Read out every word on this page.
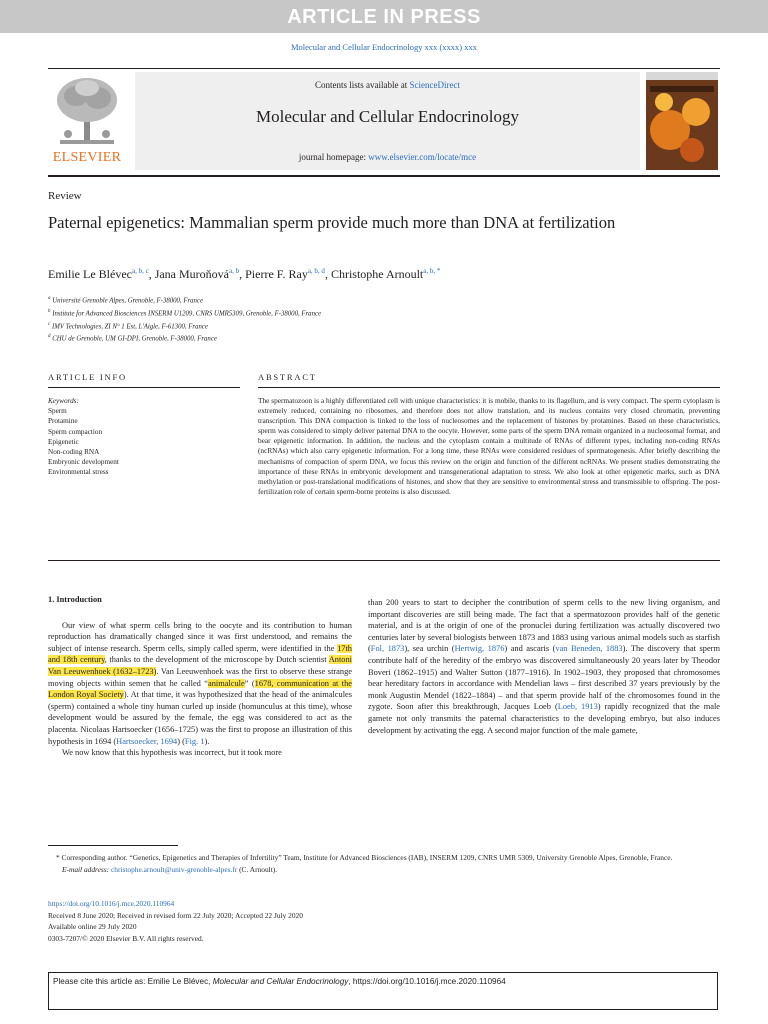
ARTICLE IN PRESS
Molecular and Cellular Endocrinology xxx (xxxx) xxx
ELSEVIER
Contents lists available at ScienceDirect
Molecular and Cellular Endocrinology
journal homepage: www.elsevier.com/locate/mce
Review
Paternal epigenetics: Mammalian sperm provide much more than DNA at fertilization
Emilie Le Blévec$^{a, b, c}$, Jana Muroňová$^{a, b}$, Pierre F. Ray$^{a, b, d}$, Christophe Arnoult$^{a, b, *}$
$^a$ Université Grenoble Alpes, Grenoble, F-38000, France
$^b$ Institute for Advanced Biosciences INSERM U1209, CNRS UMR5309, Grenoble, F-38000, France
$^c$ IMV Technologies, ZI N° 1 Est, L'Aigle, F-61300, France
$^d$ CHU de Grenoble, UM GI-DPI, Grenoble, F-38000, France
ARTICLE INFO	ABSTRACT
Keywords:
Sperm
Protamine
Sperm compaction
Epigenetic
Non-coding RNA
Embryonic development
Environmental stress
The spermatozoon is a highly differentiated cell with unique characteristics: it is mobile, thanks to its flagellum, and is very compact. The sperm cytoplasm is extremely reduced, containing no ribosomes, and therefore does not allow translation, and its nucleus contains very closed chromatin, preventing transcription. This DNA compaction is linked to the loss of nucleosomes and the replacement of histones by protamines. Based on these characteristics, sperm was considered to simply deliver paternal DNA to the oocyte. However, some parts of the sperm DNA remain organized in a nucleosomal format, and bear epigenetic information. In addition, the nucleus and the cytoplasm contain a multitude of RNAs of different types, including non-coding RNAs (ncRNAs) which also carry epigenetic information. For a long time, these RNAs were considered residues of spermatogenesis. After briefly describing the mechanisms of compaction of sperm DNA, we focus this review on the origin and function of the different ncRNAs. We present studies demonstrating the importance of these RNAs in embryonic development and transgenerational adaptation to stress. We also look at other epigenetic marks, such as DNA methylation or post-translational modifications of histones, and show that they are sensitive to environmental stress and transmissible to offspring. The post-fertilization role of certain sperm-borne proteins is also discussed.

1. Introduction

Our view of what sperm cells bring to the oocyte and its contribution to human reproduction has dramatically changed since it was first understood, and remains the subject of intense research. Sperm cells, simply called sperm, were identified in the 17th and 18th century, thanks to the development of the microscope by Dutch scientist Antoni Van Leeuwenhoek (1632–1723). Van Leeuwenhoek was the first to observe these strange moving objects within semen that he called “animalcule” (1678, communication at the London Royal Society). At that time, it was hypothesized that the head of the animalcules (sperm) contained a whole tiny human curled up inside (homunculus at this time), whose development would be assured by the female, the egg was considered to act as the placenta. Nicolaas Hartsoecker (1656–1725) was the first to propose an illustration of this hypothesis in 1694 (Hartsoecker, 1694) (Fig. 1).

We now know that this hypothesis was incorrect, but it took more

than 200 years to start to decipher the contribution of sperm cells to the new living organism, and important discoveries are still being made. The fact that a spermatozoon provides half of the genetic material, and is at the origin of one of the pronuclei during fertilization was actually discovered two centuries later by several biologists between 1873 and 1883 using various animal models such as starfish (Fol, 1873), sea urchin (Hertwig, 1876) and ascaris (van Beneden, 1883). The discovery that sperm contribute half of the heredity of the embryo was discovered simultaneously 20 years later by Theodor Boveri (1862–1915) and Walter Sutton (1877–1916). In 1902–1903, they proposed that chromosomes bear hereditary factors in accordance with Mendelian laws – first described 37 years previously by the monk Augustin Mendel (1822–1884) – and that sperm provide half of the chromosomes found in the zygote. Soon after this breakthrough, Jacques Loeb (Loeb, 1913) rapidly recognized that the male gamete not only transmits the paternal characteristics to the developing embryo, but also induces development by activating the egg. A second major function of the male gamete,

* Corresponding author. “Genetics, Epigenetics and Therapies of Infertility” Team, Institute for Advanced Biosciences (IAB), INSERM 1209, CNRS UMR 5309, University Grenoble Alpes, Grenoble, France.
E-mail address: christophe.arnoult@univ-grenoble-alpes.fr (C. Arnoult).
https://doi.org/10.1016/j.mce.2020.110964
Received 8 June 2020; Received in revised form 22 July 2020; Accepted 22 July 2020
Available online 29 July 2020
0303-7207/© 2020 Elsevier B.V. All rights reserved.
Please cite this article as: Emilie Le Blévec, Molecular and Cellular Endocrinology, https://doi.org/10.1016/j.mce.2020.110964
